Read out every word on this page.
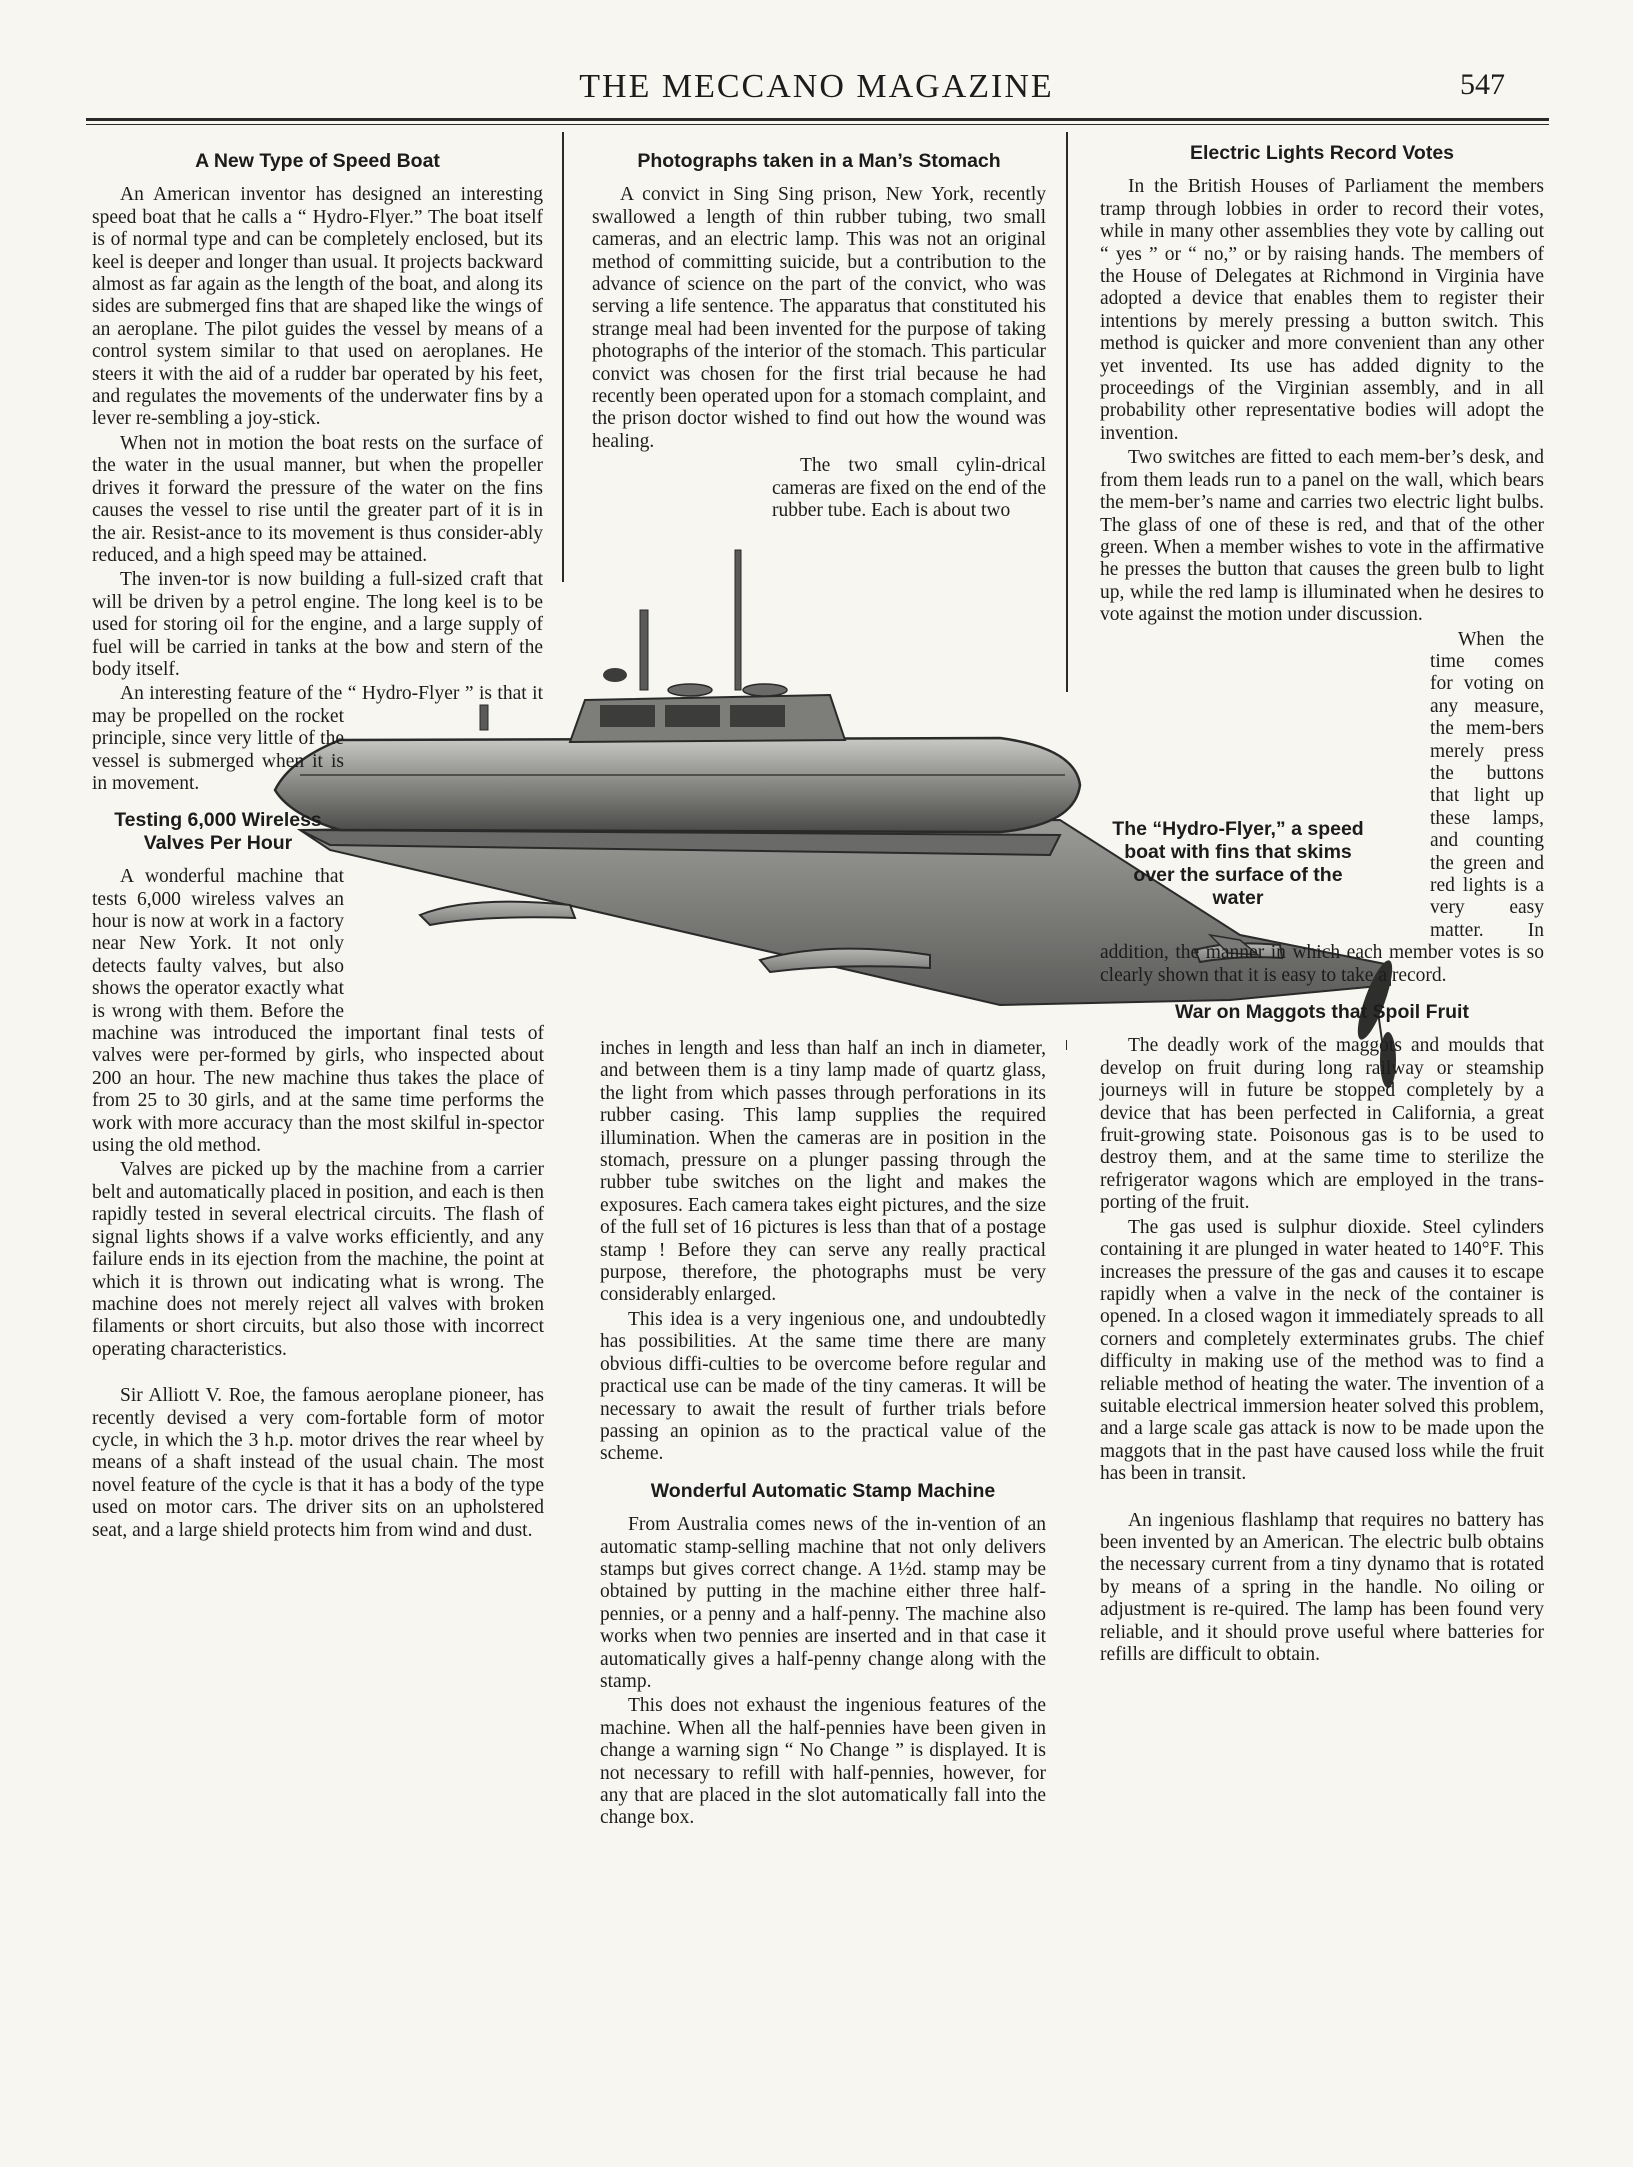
THE MECCANO MAGAZINE	547
The “Hydro-Flyer,” a speed boat with fins that skims over the surface of the water
A New Type of Speed Boat

An American inventor has designed an interesting speed boat that he calls a “ Hydro-Flyer.” The boat itself is of normal type and can be completely enclosed, but its keel is deeper and longer than usual. It projects backward almost as far again as the length of the boat, and along its sides are submerged fins that are shaped like the wings of an aeroplane. The pilot guides the vessel by means of a control system similar to that used on aeroplanes. He steers it with the aid of a rudder bar operated by his feet, and regulates the movements of the underwater fins by a lever re-sembling a joy-stick.

When not in motion the boat rests on the surface of the water in the usual manner, but when the propeller drives it forward the pressure of the water on the fins causes the vessel to rise until the greater part of it is in the air. Resist-ance to its movement is thus consider-ably reduced, and a high speed may be attained.

The inven-tor is now building a full-sized craft that will be driven by a petrol engine. The long keel is to be used for storing oil for the engine, and a large supply of fuel will be carried in tanks at the bow and stern of the body itself.

An interesting feature of the “ Hydro-Flyer ” is that it may be propelled on the rocket principle, since very little of the vessel is submerged when it is in movement.

Testing 6,000 Wireless Valves Per Hour

A wonderful machine that tests 6,000 wireless valves an hour is now at work in a factory near New York. It not only detects faulty valves, but also shows the operator exactly what is wrong with them. Before the machine was introduced the important final tests of valves were per-formed by girls, who inspected about 200 an hour. The new machine thus takes the place of from 25 to 30 girls, and at the same time performs the work with more accuracy than the most skilful in-spector using the old method.

Valves are picked up by the machine from a carrier belt and automatically placed in position, and each is then rapidly tested in several electrical circuits. The flash of signal lights shows if a valve works efficiently, and any failure ends in its ejection from the machine, the point at which it is thrown out indicating what is wrong. The machine does not merely reject all valves with broken filaments or short circuits, but also those with incorrect operating characteristics.

Sir Alliott V. Roe, the famous aeroplane pioneer, has recently devised a very com-fortable form of motor cycle, in which the 3 h.p. motor drives the rear wheel by means of a shaft instead of the usual chain. The most novel feature of the cycle is that it has a body of the type used on motor cars. The driver sits on an upholstered seat, and a large shield protects him from wind and dust.

Photographs taken in a Man’s Stomach

A convict in Sing Sing prison, New York, recently swallowed a length of thin rubber tubing, two small cameras, and an electric lamp. This was not an original method of committing suicide, but a contribution to the advance of science on the part of the convict, who was serving a life sentence. The apparatus that constituted his strange meal had been invented for the purpose of taking photographs of the interior of the stomach. This particular convict was chosen for the first trial because he had recently been operated upon for a stomach complaint, and the prison doctor wished to find out how the wound was healing.

The two small cylin-drical cameras are fixed on the end of the rubber tube. Each is about two

inches in length and less than half an inch in diameter, and between them is a tiny lamp made of quartz glass, the light from which passes through perforations in its rubber casing. This lamp supplies the required illumination. When the cameras are in position in the stomach, pressure on a plunger passing through the rubber tube switches on the light and makes the exposures. Each camera takes eight pictures, and the size of the full set of 16 pictures is less than that of a postage stamp ! Before they can serve any really practical purpose, therefore, the photographs must be very considerably enlarged.

This idea is a very ingenious one, and undoubtedly has possibilities. At the same time there are many obvious diffi-culties to be overcome before regular and practical use can be made of the tiny cameras. It will be necessary to await the result of further trials before passing an opinion as to the practical value of the scheme.

Wonderful Automatic Stamp Machine

From Australia comes news of the in-vention of an automatic stamp-selling machine that not only delivers stamps but gives correct change. A 1½d. stamp may be obtained by putting in the machine either three half-pennies, or a penny and a half-penny. The machine also works when two pennies are inserted and in that case it automatically gives a half-penny change along with the stamp.

This does not exhaust the ingenious features of the machine. When all the half-pennies have been given in change a warning sign “ No Change ” is displayed. It is not necessary to refill with half-pennies, however, for any that are placed in the slot automatically fall into the change box.

Electric Lights Record Votes

In the British Houses of Parliament the members tramp through lobbies in order to record their votes, while in many other assemblies they vote by calling out “ yes ” or “ no,” or by raising hands. The members of the House of Delegates at Richmond in Virginia have adopted a device that enables them to register their intentions by merely pressing a button switch. This method is quicker and more convenient than any other yet invented. Its use has added dignity to the proceedings of the Virginian assembly, and in all probability other representative bodies will adopt the invention.

Two switches are fitted to each mem-ber’s desk, and from them leads run to a panel on the wall, which bears the mem-ber’s name and carries two electric light bulbs. The glass of one of these is red, and that of the other green. When a member wishes to vote in the affirmative he presses the button that causes the green bulb to light up, while the red lamp is illuminated when he desires to vote against the motion under discussion.

When the time comes for voting on any measure, the mem-bers merely press the buttons that light up these lamps, and counting the green and red lights is a very easy matter. In addition, the manner in which each member votes is so clearly shown that it is easy to take a record.

War on Maggots that Spoil Fruit

The deadly work of the maggots and moulds that develop on fruit during long railway or steamship journeys will in future be stopped completely by a device that has been perfected in California, a great fruit-growing state. Poisonous gas is to be used to destroy them, and at the same time to sterilize the refrigerator wagons which are employed in the trans-porting of the fruit.

The gas used is sulphur dioxide. Steel cylinders containing it are plunged in water heated to 140°F. This increases the pressure of the gas and causes it to escape rapidly when a valve in the neck of the container is opened. In a closed wagon it immediately spreads to all corners and completely exterminates grubs. The chief difficulty in making use of the method was to find a reliable method of heating the water. The invention of a suitable electrical immersion heater solved this problem, and a large scale gas attack is now to be made upon the maggots that in the past have caused loss while the fruit has been in transit.

An ingenious flashlamp that requires no battery has been invented by an American. The electric bulb obtains the necessary current from a tiny dynamo that is rotated by means of a spring in the handle. No oiling or adjustment is re-quired. The lamp has been found very reliable, and it should prove useful where batteries for refills are difficult to obtain.
